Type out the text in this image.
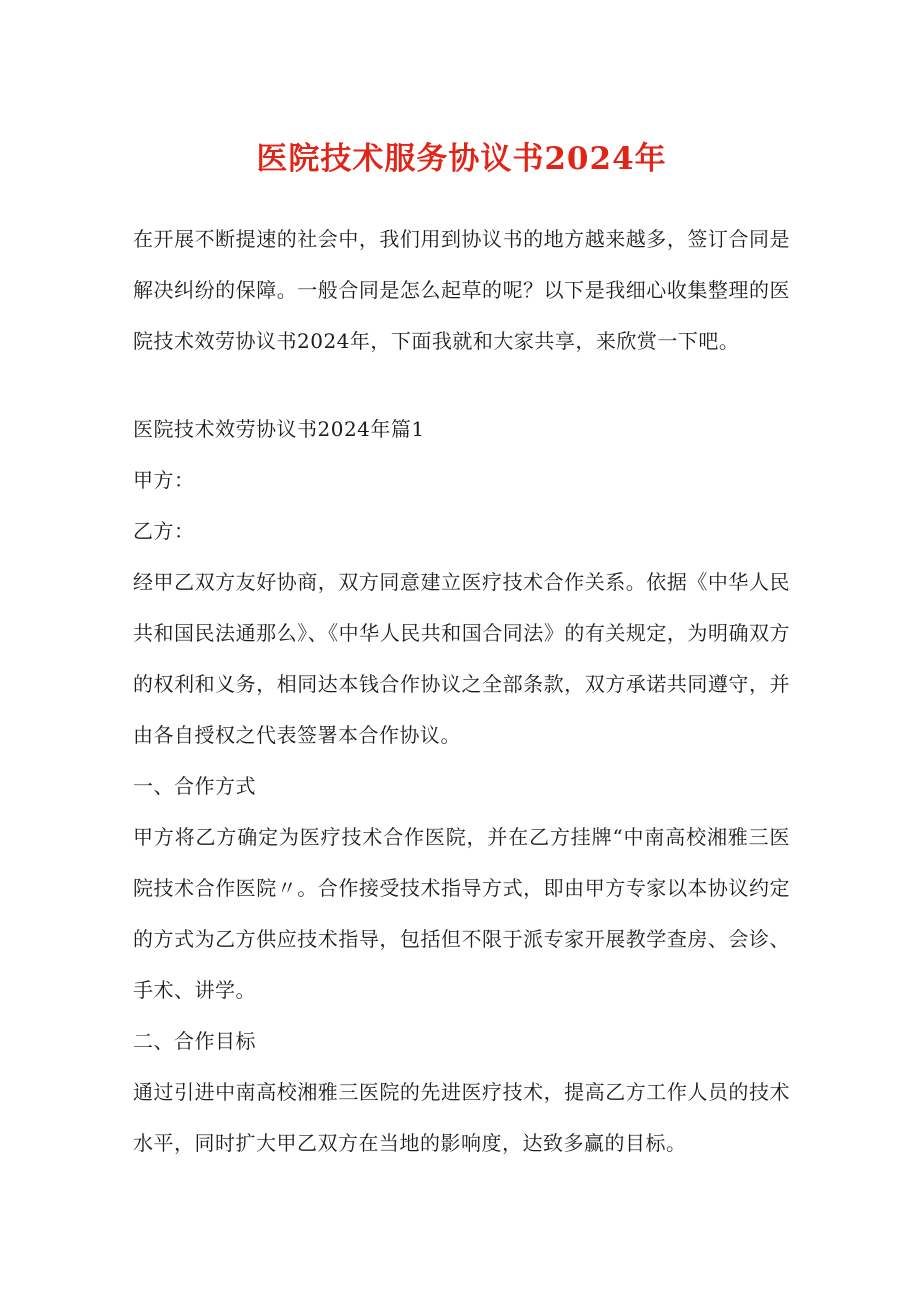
医院技术服务协议书2024年

在开展不断提速的社会中，我们用到协议书的地方越来越多，签订合同是解决纠纷的保障。一般合同是怎么起草的呢？以下是我细心收集整理的医院技术效劳协议书2024年，下面我就和大家共享，来欣赏一下吧。

医院技术效劳协议书2024年篇1

甲方：

乙方：

经甲乙双方友好协商，双方同意建立医疗技术合作关系。依据《中华人民共和国民法通那么》、《中华人民共和国合同法》的有关规定，为明确双方的权利和义务，相同达本钱合作协议之全部条款，双方承诺共同遵守，并由各自授权之代表签署本合作协议。

一、合作方式

甲方将乙方确定为医疗技术合作医院，并在乙方挂牌“中南高校湘雅三医院技术合作医院〃。合作接受技术指导方式，即由甲方专家以本协议约定的方式为乙方供应技术指导，包括但不限于派专家开展教学查房、会诊、手术、讲学。

二、合作目标

通过引进中南高校湘雅三医院的先进医疗技术，提高乙方工作人员的技术水平，同时扩大甲乙双方在当地的影响度，达致多赢的目标。
